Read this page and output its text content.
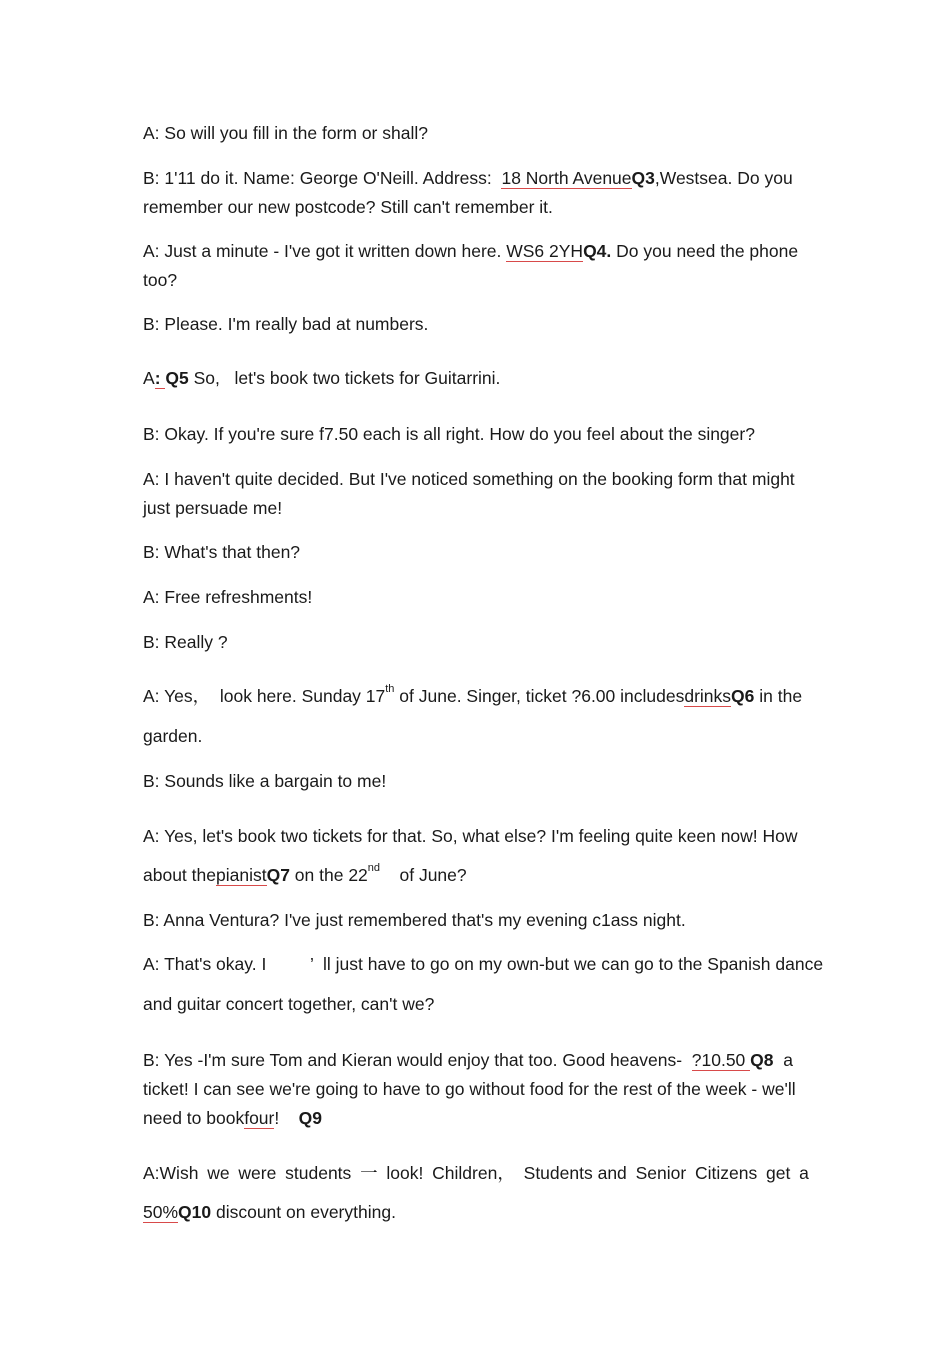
A: So will you fill in the form or shall?
B: 1'11 do it. Name: George O'Neill. Address:  18 North AvenueQ3,Westsea. Do you
remember our new postcode? Still can't remember it.
A: Just a minute - I've got it written down here. WS6 2YHQ4. Do you need the phone
too?
B: Please. I'm really bad at numbers.
A: Q5 So,   let's book two tickets for Guitarrini.
B: Okay. If you're sure f7.50 each is all right. How do you feel about the singer?
A: I haven't quite decided. But I've noticed something on the booking form that might
just persuade me!
B: What's that then?
A: Free refreshments!
B: Really ?
A: Yes，  look here. Sunday 17th of June. Singer, ticket ?6.00 includesdrinksQ6 in the
garden.
B: Sounds like a bargain to me!
A: Yes, let's book two tickets for that. So, what else? I'm feeling quite keen now! How
about thepianistQ7 on the 22nd    of June?
B: Anna Ventura? I've just remembered that's my evening c1ass night.
A: That's okay. I         ’  ll just have to go on my own-but we can go to the Spanish dance
and guitar concert together, can't we?
B: Yes -I'm sure Tom and Kieran would enjoy that too. Good heavens-  ?10.50 Q8  a
ticket! I can see we're going to have to go without food for the rest of the week - we'll
need to bookfour!    Q9
A:Wish we were students 一 look! Children， Students and Senior Citizens get a
50%Q10 discount on everything.
